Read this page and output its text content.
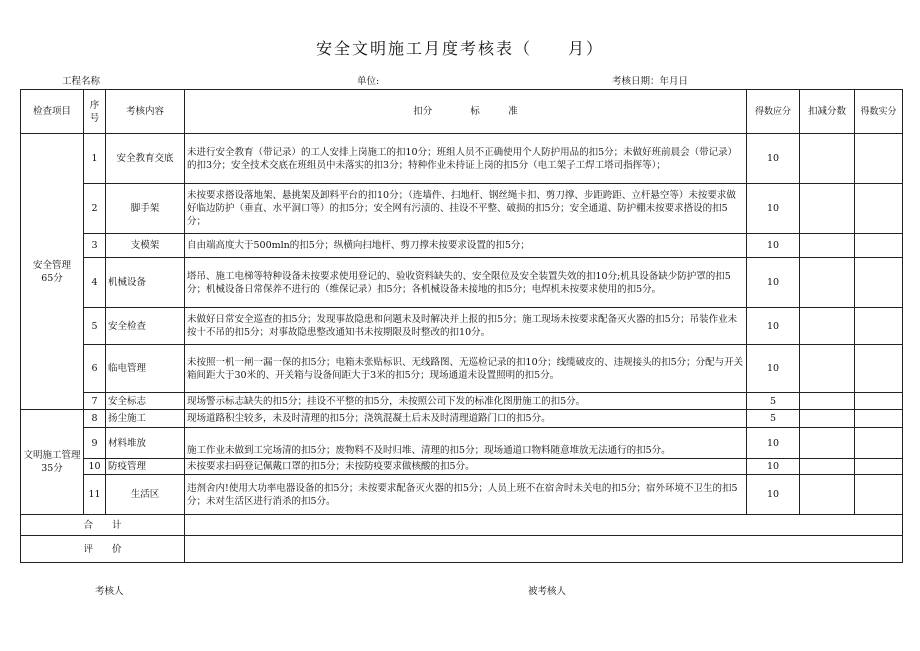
安全文明施工月度考核表（　　月）
工程名称	单位:	考核日期：年月日
检查项目	序号	考核内容	扣分　　　　标　　　准	得数应分	扣减分数	得数实分
安全管理
65分	1	安全教育交底	未进行安全教育（带记录）的工人安排上岗施工的扣10分；班组人员不正确使用个人防护用品的扣5分；未做好班前晨会（带记录）的扣3分；安全技术交底在班组员中未落实的扣3分；特种作业未持证上岗的扣5分（电工架子工焊工塔司指挥等）；	10		
	2	脚手架	未按要求搭设落地架、悬挑架及卸料平台的扣10分；（连墙件、扫地杆、钢丝绳卡扣、剪刀撑、步距跨距、立杆悬空等）未按要求做好临边防护（垂直、水平洞口等）的扣5分；安全网有污渍的、挂设不平整、破损的扣5分；安全通道、防护棚未按要求搭设的扣5分；	10		
	3	支模架	自由端高度大于500mln的扣5分；纵横向扫地杆、剪刀撑未按要求设置的扣5分；	10		
	4	机械设备	塔吊、施工电梯等特种设备未按要求使用登记的、验收资料缺失的、安全限位及安全装置失效的扣10分;机具设备缺少防护罩的扣5分；机械设备日常保养不进行的（维保记录）扣5分；各机械设备未接地的扣5分；电焊机未按要求使用的扣5分。	10		
	5	安全检查	未做好日常安全巡查的扣5分；发现事故隐患和问题未及时解决并上报的扣5分；施工现场未按要求配备灭火器的扣5分；吊装作业未按十不吊的扣5分；对事故隐患整改通知书未按期限及时整改的扣10分。	10		
	6	临电管理	未按照一机一闸一漏一保的扣5分；电箱未张贴标识、无线路图、无巡检记录的扣10分；线缆破皮的、违规接头的扣5分；分配与开关箱间距大于30米的、开关箱与设备间距大于3米的扣5分；现场通道未设置照明的扣5分。	10		
	7	安全标志	现场警示标志缺失的扣5分；挂设不平整的扣5分，未按照公司下发的标准化图册施工的扣5分。	5		
文明施工管理35分	8	扬尘施工	现场道路积尘较多，未及时清理的扣5分；浇筑混凝土后未及时清理道路门口的扣5分。	5		
	9	材料堆放	施工作业未做到工完场清的扣5分；废物料不及时归堆、清理的扣5分；现场通道口物料随意堆放无法通行的扣5分。	10		
	10	防疫管理	未按要求扫码登记佩戴口罩的扣5分；未按防疫要求做核酸的扣5分。	10		
	11	生活区	违剂舍内!使用大功率电器设备的扣5分；未按要求配备灭火器的扣5分；人员上班不在宿舍时未关电的扣5分；宿外环境不卫生的扣5分；未对生活区进行消杀的扣5分。	10		
合　　计						
评　　价						
考核人	被考核人
